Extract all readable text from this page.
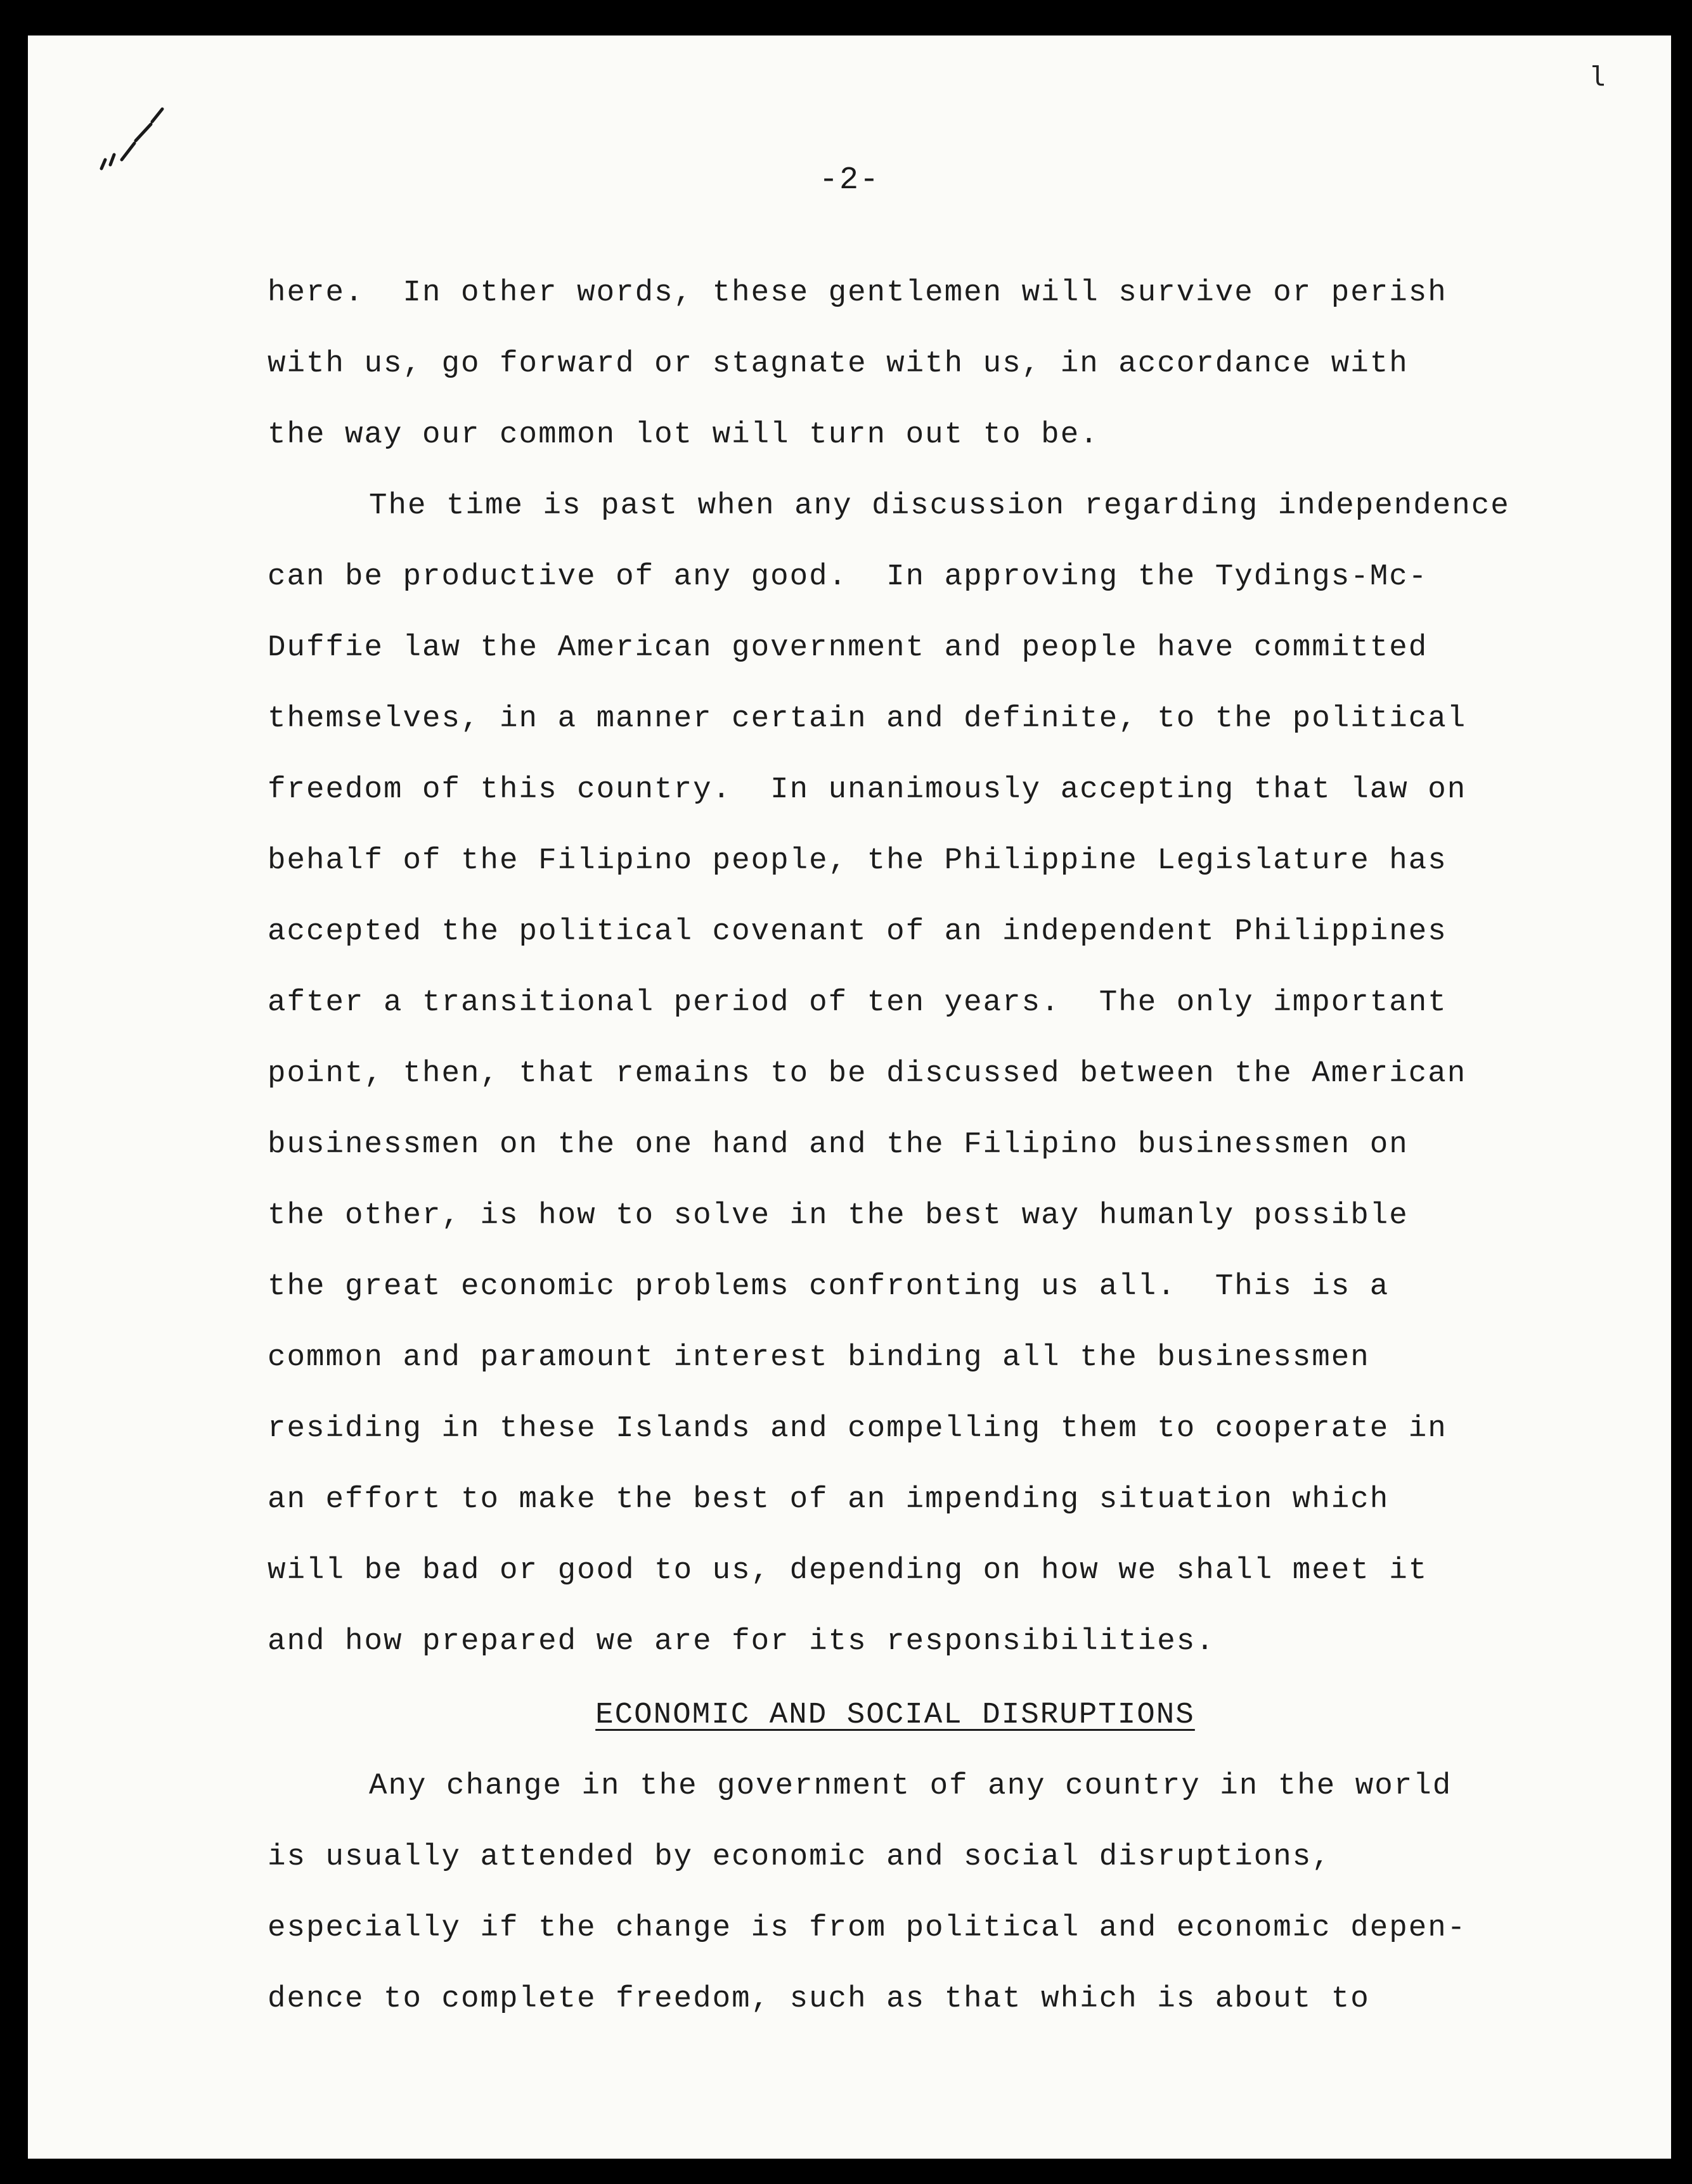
l
-2-
here.  In other words, these gentlemen will survive or perish
with us, go forward or stagnate with us, in accordance with
the way our common lot will turn out to be.
The time is past when any discussion regarding independence
can be productive of any good.  In approving the Tydings-Mc-
Duffie law the American government and people have committed
themselves, in a manner certain and definite, to the political
freedom of this country.  In unanimously accepting that law on
behalf of the Filipino people, the Philippine Legislature has
accepted the political covenant of an independent Philippines
after a transitional period of ten years.  The only important
point, then, that remains to be discussed between the American
businessmen on the one hand and the Filipino businessmen on
the other, is how to solve in the best way humanly possible
the great economic problems confronting us all.  This is a
common and paramount interest binding all the businessmen
residing in these Islands and compelling them to cooperate in
an effort to make the best of an impending situation which
will be bad or good to us, depending on how we shall meet it
and how prepared we are for its responsibilities.
ECONOMIC AND SOCIAL DISRUPTIONS
Any change in the government of any country in the world
is usually attended by economic and social disruptions,
especially if the change is from political and economic depen-
dence to complete freedom, such as that which is about to
